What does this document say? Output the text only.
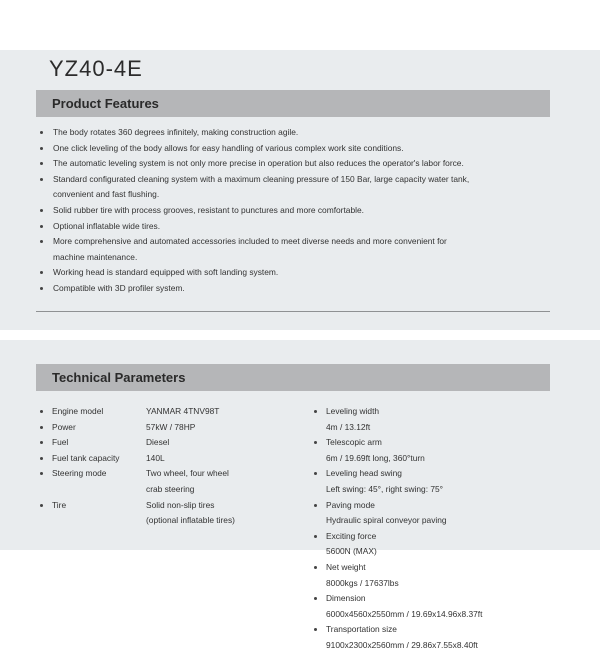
YZ40-4E
Product Features
The body rotates 360 degrees infinitely, making construction agile.
One click leveling of the body allows for easy handling of various complex work site conditions.
The automatic leveling system is not only more precise in operation but also reduces the operator's labor force.
Standard configurated cleaning system with a maximum cleaning pressure of 150 Bar, large capacity water tank,
convenient and fast flushing.
Solid rubber tire with process grooves, resistant to punctures and more comfortable.
Optional inflatable wide tires.
More comprehensive and automated accessories included to meet diverse needs and more convenient for
machine maintenance.
Working head is standard equipped with soft landing system.
Compatible with 3D profiler system.
Technical Parameters
Engine model	YANMAR 4TNV98T
Power	57kW / 78HP
Fuel	Diesel
Fuel tank capacity	140L
Steering mode	Two wheel, four wheel
crab steering
Tire	Solid non-slip tires
(optional inflatable tires)
Leveling width
4m / 13.12ft
Telescopic arm
6m / 19.69ft long, 360°turn
Leveling head swing
Left swing: 45°, right swing: 75°
Paving mode
Hydraulic spiral conveyor paving
Exciting force
5600N (MAX)
Net weight
8000kgs / 17637lbs
Dimension
6000x4560x2550mm / 19.69x14.96x8.37ft
Transportation size
9100x2300x2560mm / 29.86x7.55x8.40ft
